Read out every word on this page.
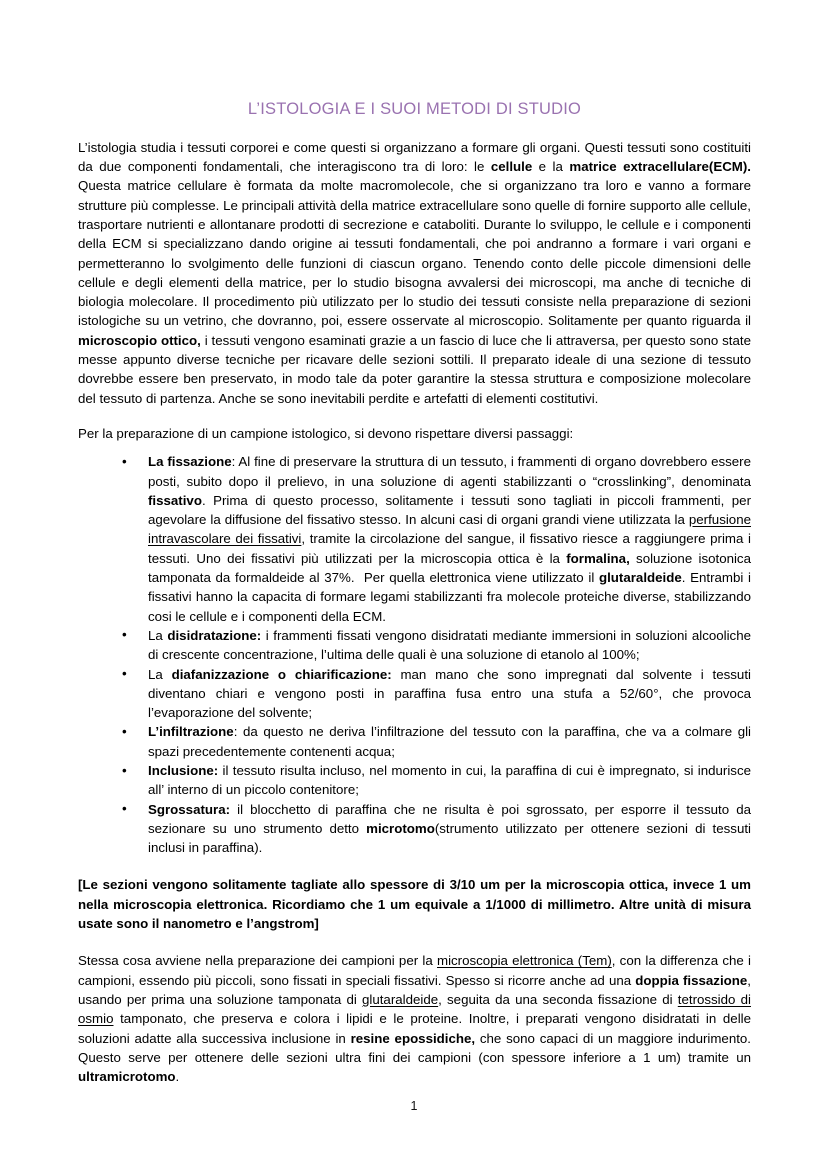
L’ISTOLOGIA E I SUOI METODI DI STUDIO

L’istologia studia i tessuti corporei e come questi si organizzano a formare gli organi. Questi tessuti sono costituiti da due componenti fondamentali, che interagiscono tra di loro: le cellule e la matrice extracellulare(ECM). Questa matrice cellulare è formata da molte macromolecole, che si organizzano tra loro e vanno a formare strutture più complesse. Le principali attività della matrice extracellulare sono quelle di fornire supporto alle cellule, trasportare nutrienti e allontanare prodotti di secrezione e cataboliti. Durante lo sviluppo, le cellule e i componenti della ECM si specializzano dando origine ai tessuti fondamentali, che poi andranno a formare i vari organi e permetteranno lo svolgimento delle funzioni di ciascun organo. Tenendo conto delle piccole dimensioni delle cellule e degli elementi della matrice, per lo studio bisogna avvalersi dei microscopi, ma anche di tecniche di biologia molecolare. Il procedimento più utilizzato per lo studio dei tessuti consiste nella preparazione di sezioni istologiche su un vetrino, che dovranno, poi, essere osservate al microscopio. Solitamente per quanto riguarda il microscopio ottico, i tessuti vengono esaminati grazie a un fascio di luce che li attraversa, per questo sono state messe appunto diverse tecniche per ricavare delle sezioni sottili. Il preparato ideale di una sezione di tessuto dovrebbe essere ben preservato, in modo tale da poter garantire la stessa struttura e composizione molecolare del tessuto di partenza. Anche se sono inevitabili perdite e artefatti di elementi costitutivi.

Per la preparazione di un campione istologico, si devono rispettare diversi passaggi:

• La fissazione: Al fine di preservare la struttura di un tessuto, i frammenti di organo dovrebbero essere posti, subito dopo il prelievo, in una soluzione di agenti stabilizzanti o “crosslinking”, denominata fissativo. Prima di questo processo, solitamente i tessuti sono tagliati in piccoli frammenti, per agevolare la diffusione del fissativo stesso. In alcuni casi di organi grandi viene utilizzata la perfusione intravascolare dei fissativi, tramite la circolazione del sangue, il fissativo riesce a raggiungere prima i tessuti. Uno dei fissativi più utilizzati per la microscopia ottica è la formalina, soluzione isotonica tamponata da formaldeide al 37%.  Per quella elettronica viene utilizzato il glutaraldeide. Entrambi i fissativi hanno la capacita di formare legami stabilizzanti fra molecole proteiche diverse, stabilizzando cosi le cellule e i componenti della ECM.
• La disidratazione: i frammenti fissati vengono disidratati mediante immersioni in soluzioni alcooliche di crescente concentrazione, l’ultima delle quali è una soluzione di etanolo al 100%;
• La diafanizzazione o chiarificazione: man mano che sono impregnati dal solvente i tessuti diventano chiari e vengono posti in paraffina fusa entro una stufa a 52/60°, che provoca l’evaporazione del solvente;
• L’infiltrazione: da questo ne deriva l’infiltrazione del tessuto con la paraffina, che va a colmare gli spazi precedentemente contenenti acqua;
• Inclusione: il tessuto risulta incluso, nel momento in cui, la paraffina di cui è impregnato, si indurisce all’ interno di un piccolo contenitore;
• Sgrossatura: il blocchetto di paraffina che ne risulta è poi sgrossato, per esporre il tessuto da sezionare su uno strumento detto microtomo(strumento utilizzato per ottenere sezioni di tessuti inclusi in paraffina).

[Le sezioni vengono solitamente tagliate allo spessore di 3/10 um per la microscopia ottica, invece 1 um nella microscopia elettronica. Ricordiamo che 1 um equivale a 1/1000 di millimetro. Altre unità di misura usate sono il nanometro e l’angstrom]

Stessa cosa avviene nella preparazione dei campioni per la microscopia elettronica (Tem), con la differenza che i campioni, essendo più piccoli, sono fissati in speciali fissativi. Spesso si ricorre anche ad una doppia fissazione, usando per prima una soluzione tamponata di glutaraldeide, seguita da una seconda fissazione di tetrossido di osmio tamponato, che preserva e colora i lipidi e le proteine. Inoltre, i preparati vengono disidratati in delle soluzioni adatte alla successiva inclusione in resine epossidiche, che sono capaci di un maggiore indurimento. Questo serve per ottenere delle sezioni ultra fini dei campioni (con spessore inferiore a 1 um) tramite un ultramicrotomo.

1
